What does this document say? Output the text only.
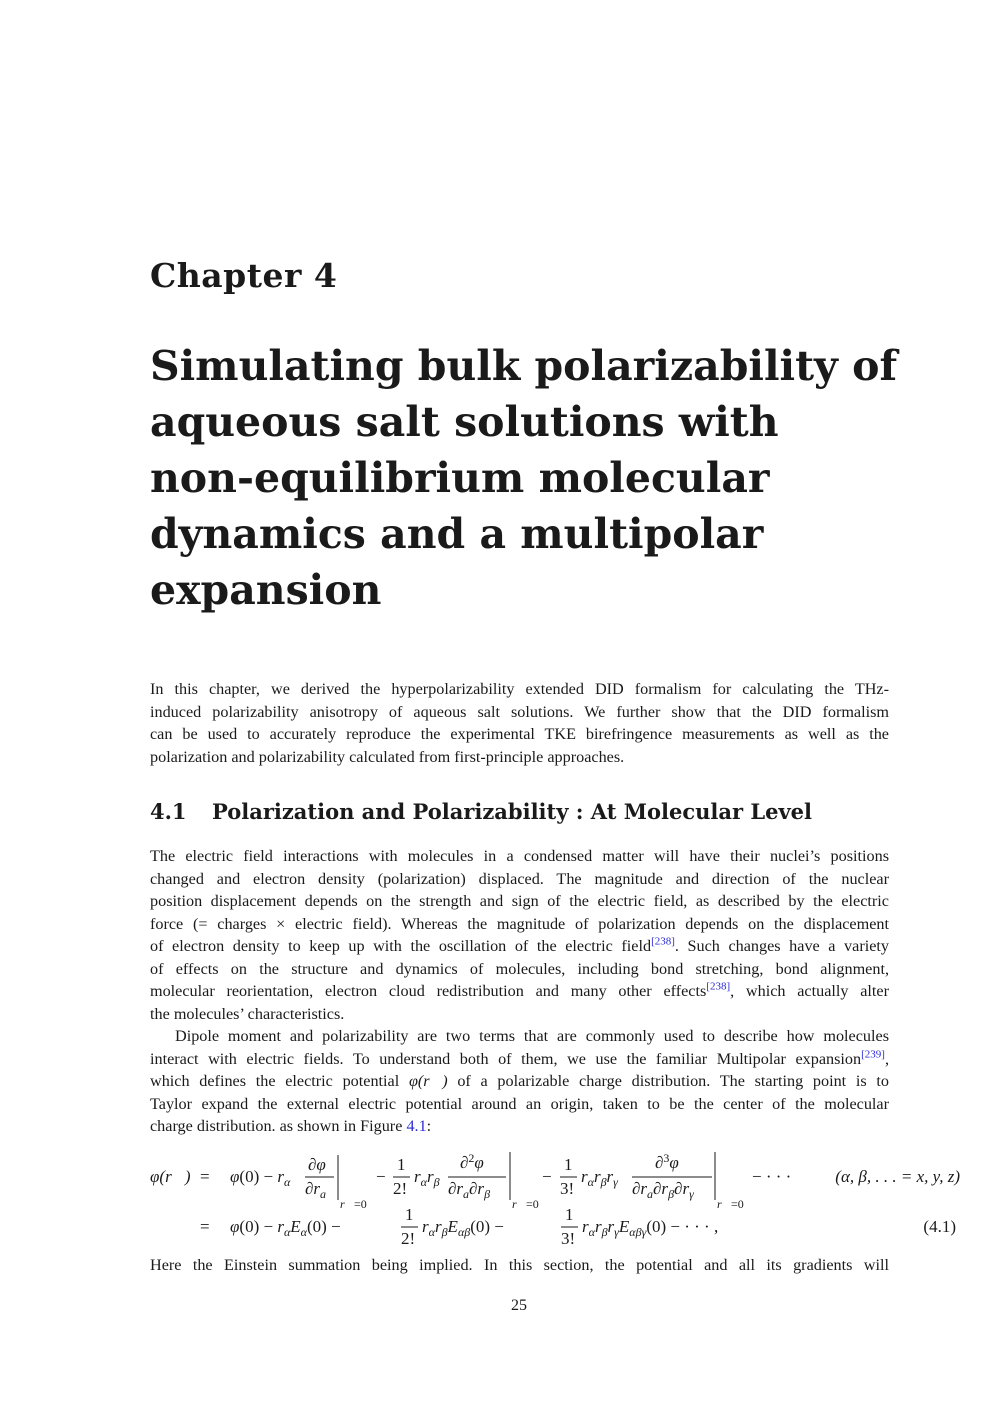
Chapter 4
Simulating bulk polarizability of
aqueous salt solutions with
non-equilibrium molecular
dynamics and a multipolar
expansion
In this chapter, we derived the hyperpolarizability extended DID formalism for calculating the THz-
induced polarizability anisotropy of aqueous salt solutions. We further show that the DID formalism
can be used to accurately reproduce the experimental TKE birefringence measurements as well as the
polarization and polarizability calculated from first-principle approaches.
4.1 Polarization and Polarizability : At Molecular Level
The electric field interactions with molecules in a condensed matter will have their nuclei’s positions
changed and electron density (polarization) displaced. The magnitude and direction of the nuclear
position displacement depends on the strength and sign of the electric field, as described by the electric
force (= charges × electric field). Whereas the magnitude of polarization depends on the displacement
of electron density to keep up with the oscillation of the electric field[238]. Such changes have a variety
of effects on the structure and dynamics of molecules, including bond stretching, bond alignment,
molecular reorientation, electron cloud redistribution and many other effects[238], which actually alter
the molecules’ characteristics.
Dipole moment and polarizability are two terms that are commonly used to describe how molecules
interact with electric fields. To understand both of them, we use the familiar Multipolar expansion[239],
which defines the electric potential φ(r⃗) of a polarizable charge distribution. The starting point is to
Taylor expand the external electric potential around an origin, taken to be the center of the molecular
charge distribution. as shown in Figure 4.1:
φ(r⃗) = $\varphi(0) - r_\alpha$
∂φ
$\partial r_a$
r⃗=0
−
1
2!
$r_\alpha r_\beta$
∂$^2$φ
$\partial r_a\partial r_\beta$
r⃗=0
−
1
3!
$r_\alpha r_\beta r_\gamma$
∂$^3$φ
$\partial r_a\partial r_\beta\partial r_\gamma$
r⃗=0
− · · ·	(α, β, . . . = x, y, z)
= $\varphi(0) - r_\alpha E_\alpha(0)$ −
1
2!
$r_\alpha r_\beta E_{\alpha\beta}(0)$ −
1
3!
$r_\alpha r_\beta r_\gamma E_{\alpha\beta\gamma}(0)$ − · · · ,	(4.1)
Here the Einstein summation being implied. In this section, the potential and all its gradients will
25
